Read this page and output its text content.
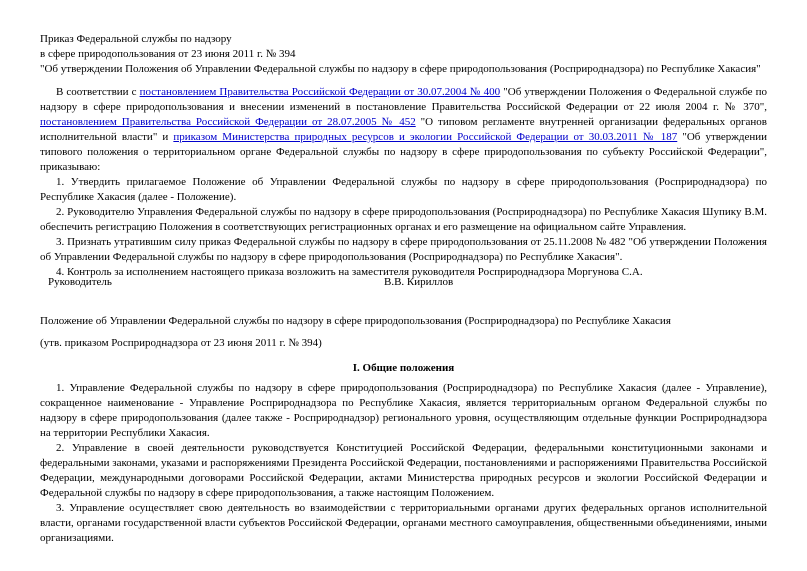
Приказ Федеральной службы по надзору
в сфере природопользования от 23 июня 2011 г. № 394
"Об утверждении Положения об Управлении Федеральной службы по надзору в сфере природопользования (Росприроднадзора) по Республике Хакасия"

В соответствии с постановлением Правительства Российской Федерации от 30.07.2004 № 400 "Об утверждении Положения о Федеральной службе по надзору в сфере природопользования и внесении изменений в постановление Правительства Российской Федерации от 22 июля 2004 г. № 370", постановлением Правительства Российской Федерации от 28.07.2005 № 452 "О типовом регламенте внутренней организации федеральных органов исполнительной власти" и приказом Министерства природных ресурсов и экологии Российской Федерации от 30.03.2011 № 187 "Об утверждении типового положения о территориальном органе Федеральной службы по надзору в сфере природопользования по субъекту Российской Федерации", приказываю:

1. Утвердить прилагаемое Положение об Управлении Федеральной службы по надзору в сфере природопользования (Росприроднадзора) по Республике Хакасия (далее - Положение).

2. Руководителю Управления Федеральной службы по надзору в сфере природопользования (Росприроднадзора) по Республике Хакасия Шупику В.М. обеспечить регистрацию Положения в соответствующих регистрационных органах и его размещение на официальном сайте Управления.

3. Признать утратившим силу приказ Федеральной службы по надзору в сфере природопользования от 25.11.2008 № 482 "Об утверждении Положения об Управлении Федеральной службы по надзору в сфере природопользования (Росприроднадзора) по Республике Хакасия".

4. Контроль за исполнением настоящего приказа возложить на заместителя руководителя Росприроднадзора Моргунова С.А.

Руководитель	В.В. Кириллов
Положение об Управлении Федеральной службы по надзору в сфере природопользования (Росприроднадзора) по Республике Хакасия
(утв. приказом Росприроднадзора от 23 июня 2011 г. № 394)
I. Общие положения

1. Управление Федеральной службы по надзору в сфере природопользования (Росприроднадзора) по Республике Хакасия (далее - Управление), сокращенное наименование - Управление Росприроднадзора по Республике Хакасия, является территориальным органом Федеральной службы по надзору в сфере природопользования (далее также - Росприроднадзор) регионального уровня, осуществляющим отдельные функции Росприроднадзора на территории Республики Хакасия.

2. Управление в своей деятельности руководствуется Конституцией Российской Федерации, федеральными конституционными законами и федеральными законами, указами и распоряжениями Президента Российской Федерации, постановлениями и распоряжениями Правительства Российской Федерации, международными договорами Российской Федерации, актами Министерства природных ресурсов и экологии Российской Федерации и Федеральной службы по надзору в сфере природопользования, а также настоящим Положением.

3. Управление осуществляет свою деятельность во взаимодействии с территориальными органами других федеральных органов исполнительной власти, органами государственной власти субъектов Российской Федерации, органами местного самоуправления, общественными объединениями, иными организациями.
